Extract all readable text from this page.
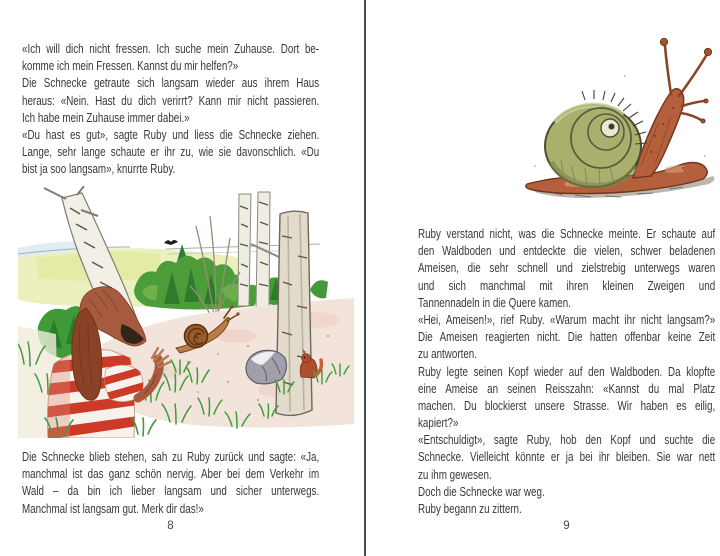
«Ich will dich nicht fressen. Ich suche mein Zuhause. Dort be-
komme ich mein Fressen. Kannst du mir helfen?»
Die Schnecke getraute sich langsam wieder aus ihrem Haus
heraus: «Nein. Hast du dich verirrt? Kann mir nicht passieren.
Ich habe mein Zuhause immer dabei.»
«Du hast es gut», sagte Ruby und liess die Schnecke ziehen.
Lange, sehr lange schaute er ihr zu, wie sie davonschlich. «Du
bist ja soo langsam», knurrte Ruby.
Die Schnecke blieb stehen, sah zu Ruby zurück und sagte: «Ja,
manchmal ist das ganz schön nervig. Aber bei dem Verkehr im
Wald – da bin ich lieber langsam und sicher unterwegs.
Manchmal ist langsam gut. Merk dir das!»
8
Ruby verstand nicht, was die Schnecke meinte. Er schaute auf
den Waldboden und entdeckte die vielen, schwer beladenen
Ameisen, die sehr schnell und zielstrebig unterwegs waren
und sich manchmal mit ihren kleinen Zweigen und
Tannennadeln in die Quere kamen.
«Hei, Ameisen!», rief Ruby. «Warum macht ihr nicht langsam?»
Die Ameisen reagierten nicht. Die hatten offenbar keine Zeit
zu antworten.
Ruby legte seinen Kopf wieder auf den Waldboden. Da klopfte
eine Ameise an seinen Reisszahn: «Kannst du mal Platz
machen. Du blockierst unsere Strasse. Wir haben es eilig,
kapiert?»
«Entschuldigt», sagte Ruby, hob den Kopf und suchte die
Schnecke. Vielleicht könnte er ja bei ihr bleiben. Sie war nett
zu ihm gewesen.
Doch die Schnecke war weg.
Ruby begann zu zittern.
9
